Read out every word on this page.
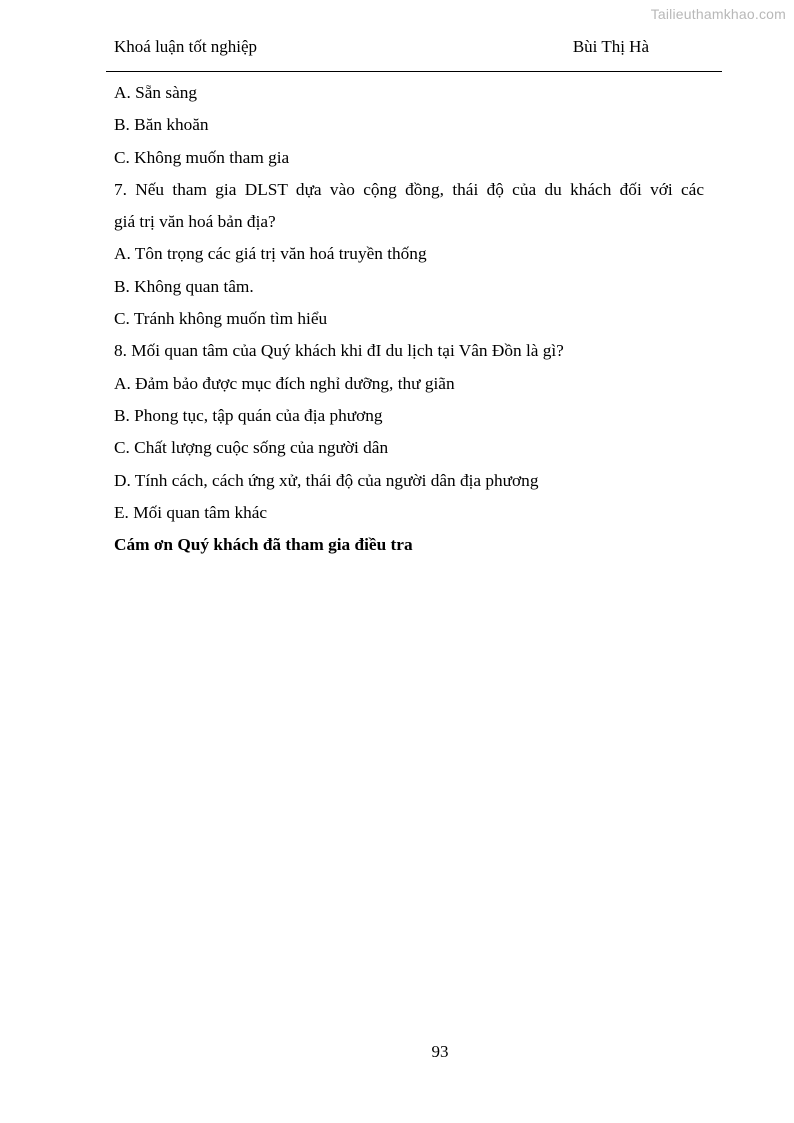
Tailieuthamkhao.com
Khoá luận tốt nghiệp	Bùi Thị Hà
A. Sẵn sàng
B. Băn khoăn
C. Không muốn tham gia
7. Nếu tham gia DLST dựa vào cộng đồng, thái độ của du khách đối với các
giá trị văn hoá bản địa?
A. Tôn trọng các giá trị văn hoá truyền thống
B. Không quan tâm.
C. Tránh không muốn tìm hiểu
8. Mối quan tâm của Quý khách khi đI du lịch tại Vân Đồn là gì?
A. Đảm bảo được mục đích nghỉ dưỡng, thư giãn
B. Phong tục, tập quán của địa phương
C. Chất lượng cuộc sống của người dân
D. Tính cách, cách ứng xử, thái độ của người dân địa phương
E. Mối quan tâm khác
Cám ơn Quý khách đã tham gia điều tra
93
